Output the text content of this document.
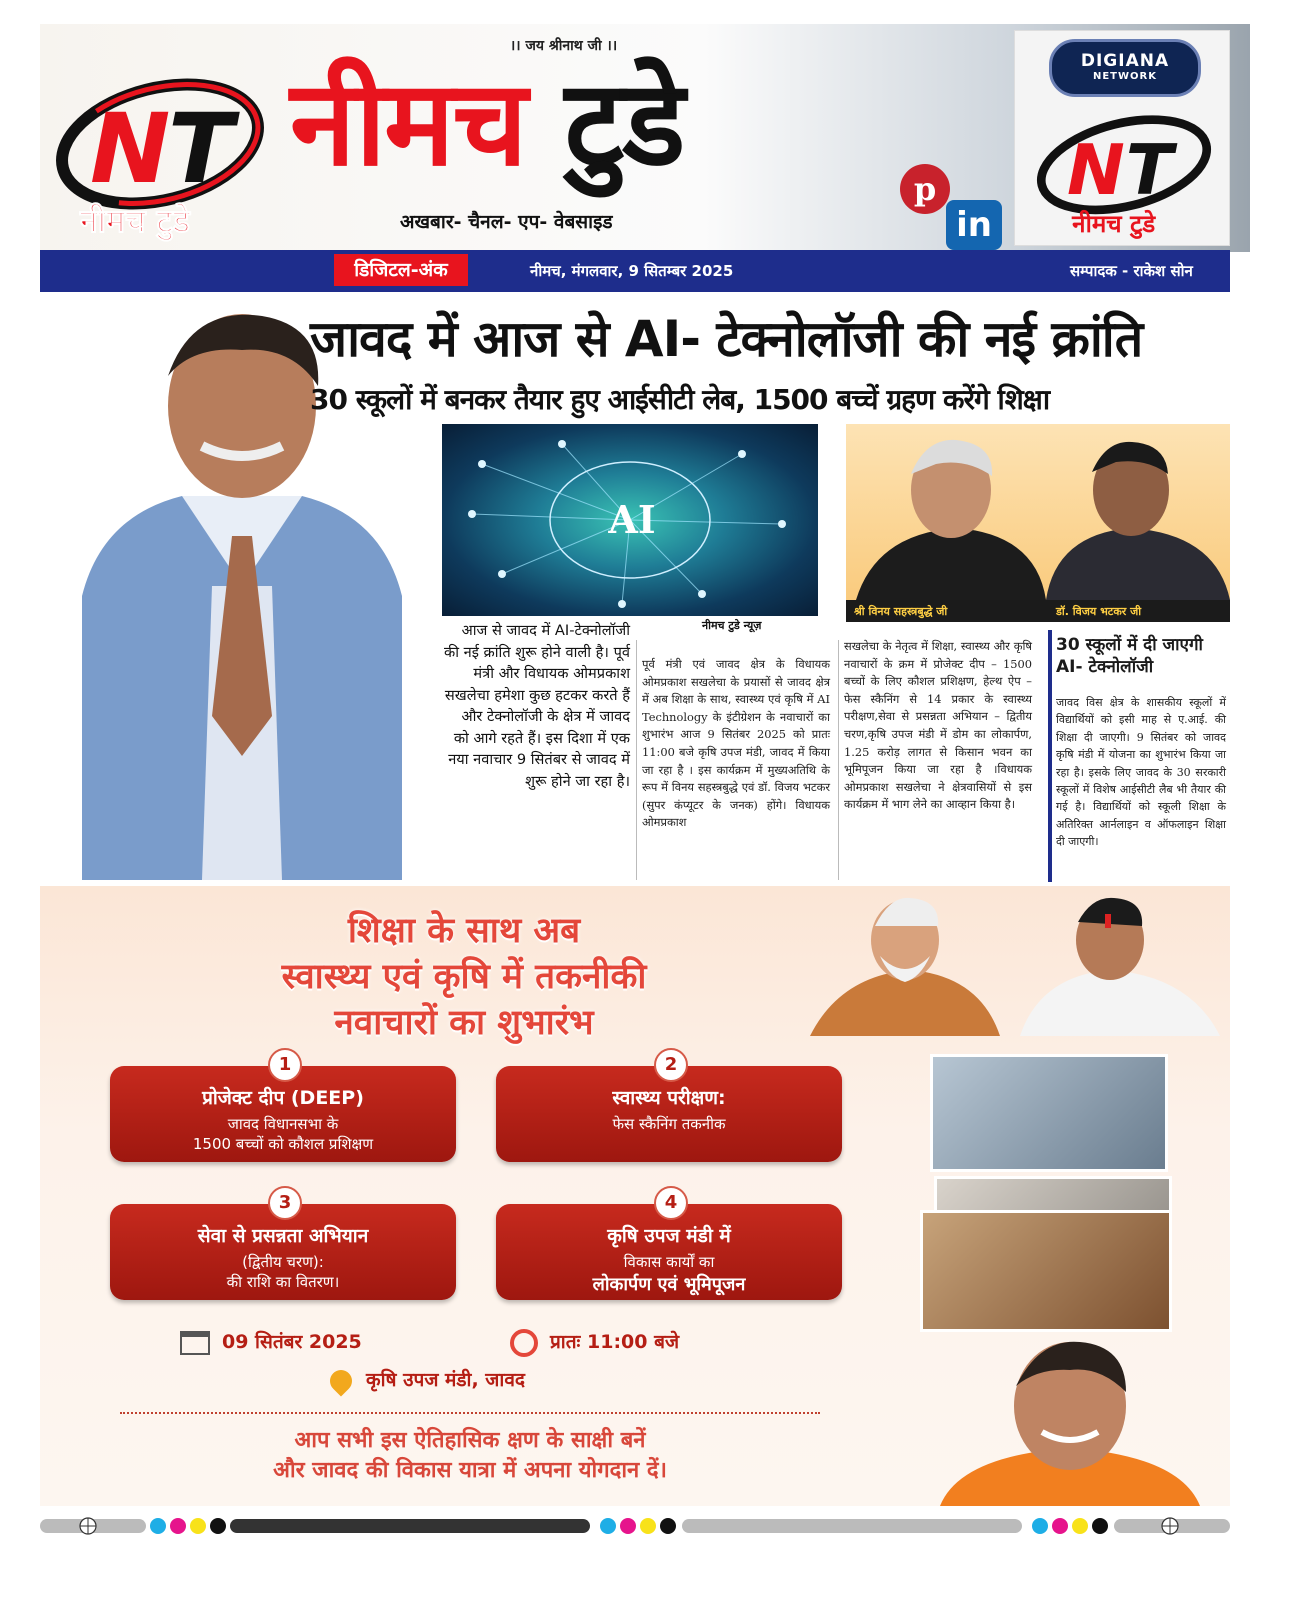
N
T
नीमच टुडे
।। जय श्रीनाथ जी ।।
नीमच टुडे
अखबार- चैनल- एप- वेबसाइड
p
in
DIGIANA
NETWORK
N T
नीमच टुडे
डिजिटल-अंक	नीमच, मंगलवार, 9 सितम्बर 2025	सम्पादक - राकेश सोन
जावद में आज से AI- टेक्नोलॉजी की नई क्रांति
30 स्कूलों में बनकर तैयार हुए आईसीटी लेब, 1500 बच्चें ग्रहण करेंगे शिक्षा
AI
नीमच टुडे न्यूज़
श्री विनय सहस्त्रबुद्धे जी	डॉ. विजय भटकर जी
आज से जावद में AI-टेक्नोलॉजी की नई क्रांति शुरू होने वाली है। पूर्व मंत्री और विधायक ओमप्रकाश सखलेचा हमेशा कुछ हटकर करते हैं और टेक्नोलॉजी के क्षेत्र में जावद को आगे रहते हैं। इस दिशा में एक नया नवाचार 9 सितंबर से जावद में शुरू होने जा रहा है।
पूर्व मंत्री एवं जावद क्षेत्र के विधायक ओमप्रकाश सखलेचा के प्रयासों से जावद क्षेत्र में अब शिक्षा के साथ, स्वास्थ्य एवं कृषि में AI Technology के इंटीग्रेशन के नवाचारों का शुभारंभ आज 9 सितंबर 2025 को प्रातः 11:00 बजे कृषि उपज मंडी, जावद में किया जा रहा है । इस कार्यक्रम में मुख्यअतिथि के रूप में विनय सहस्त्रबुद्धे एवं डॉ. विजय भटकर (सुपर कंप्यूटर के जनक) होंगे। विधायक ओमप्रकाश
सखलेचा के नेतृत्व में शिक्षा, स्वास्थ्य और कृषि नवाचारों के क्रम में प्रोजेक्ट दीप – 1500 बच्चों के लिए कौशल प्रशिक्षण, हेल्थ ऐप – फेस स्कैनिंग से 14 प्रकार के स्वास्थ्य परीक्षण,सेवा से प्रसन्नता अभियान – द्वितीय चरण,कृषि उपज मंडी में डोम का लोकार्पण, 1.25 करोड़ लागत से किसान भवन का भूमिपूजन किया जा रहा है ।विधायक ओमप्रकाश सखलेचा ने क्षेत्रवासियों से इस कार्यक्रम में भाग लेने का आव्हान किया है।
30 स्कूलों में दी जाएगी AI- टेक्नोलॉजी
जावद विस क्षेत्र के शासकीय स्कूलों में विद्यार्थियों को इसी माह से ए.आई. की शिक्षा दी जाएगी। 9 सितंबर को जावद कृषि मंडी में योजना का शुभारंभ किया जा रहा है। इसके लिए जावद के 30 सरकारी स्कूलों में विशेष आईसीटी लैब भी तैयार की गई है। विद्यार्थियों को स्कूली शिक्षा के अतिरिक्त आर्नलाइन व ऑफलाइन शिक्षा दी जाएगी।
शिक्षा के साथ अब
स्वास्थ्य एवं कृषि में तकनीकी
नवाचारों का शुभारंभ
1
प्रोजेक्ट दीप (DEEP)
जावद विधानसभा के
1500 बच्चों को कौशल प्रशिक्षण
2
स्वास्थ्य परीक्षण:
फेस स्कैनिंग तकनीक
3
सेवा से प्रसन्नता अभियान
(द्वितीय चरण):
की राशि का वितरण।
4
कृषि उपज मंडी में
विकास कार्यों का
लोकार्पण एवं भूमिपूजन
09 सितंबर 2025	प्रातः 11:00 बजे
कृषि उपज मंडी, जावद
आप सभी इस ऐतिहासिक क्षण के साक्षी बनें
और जावद की विकास यात्रा में अपना योगदान दें।
